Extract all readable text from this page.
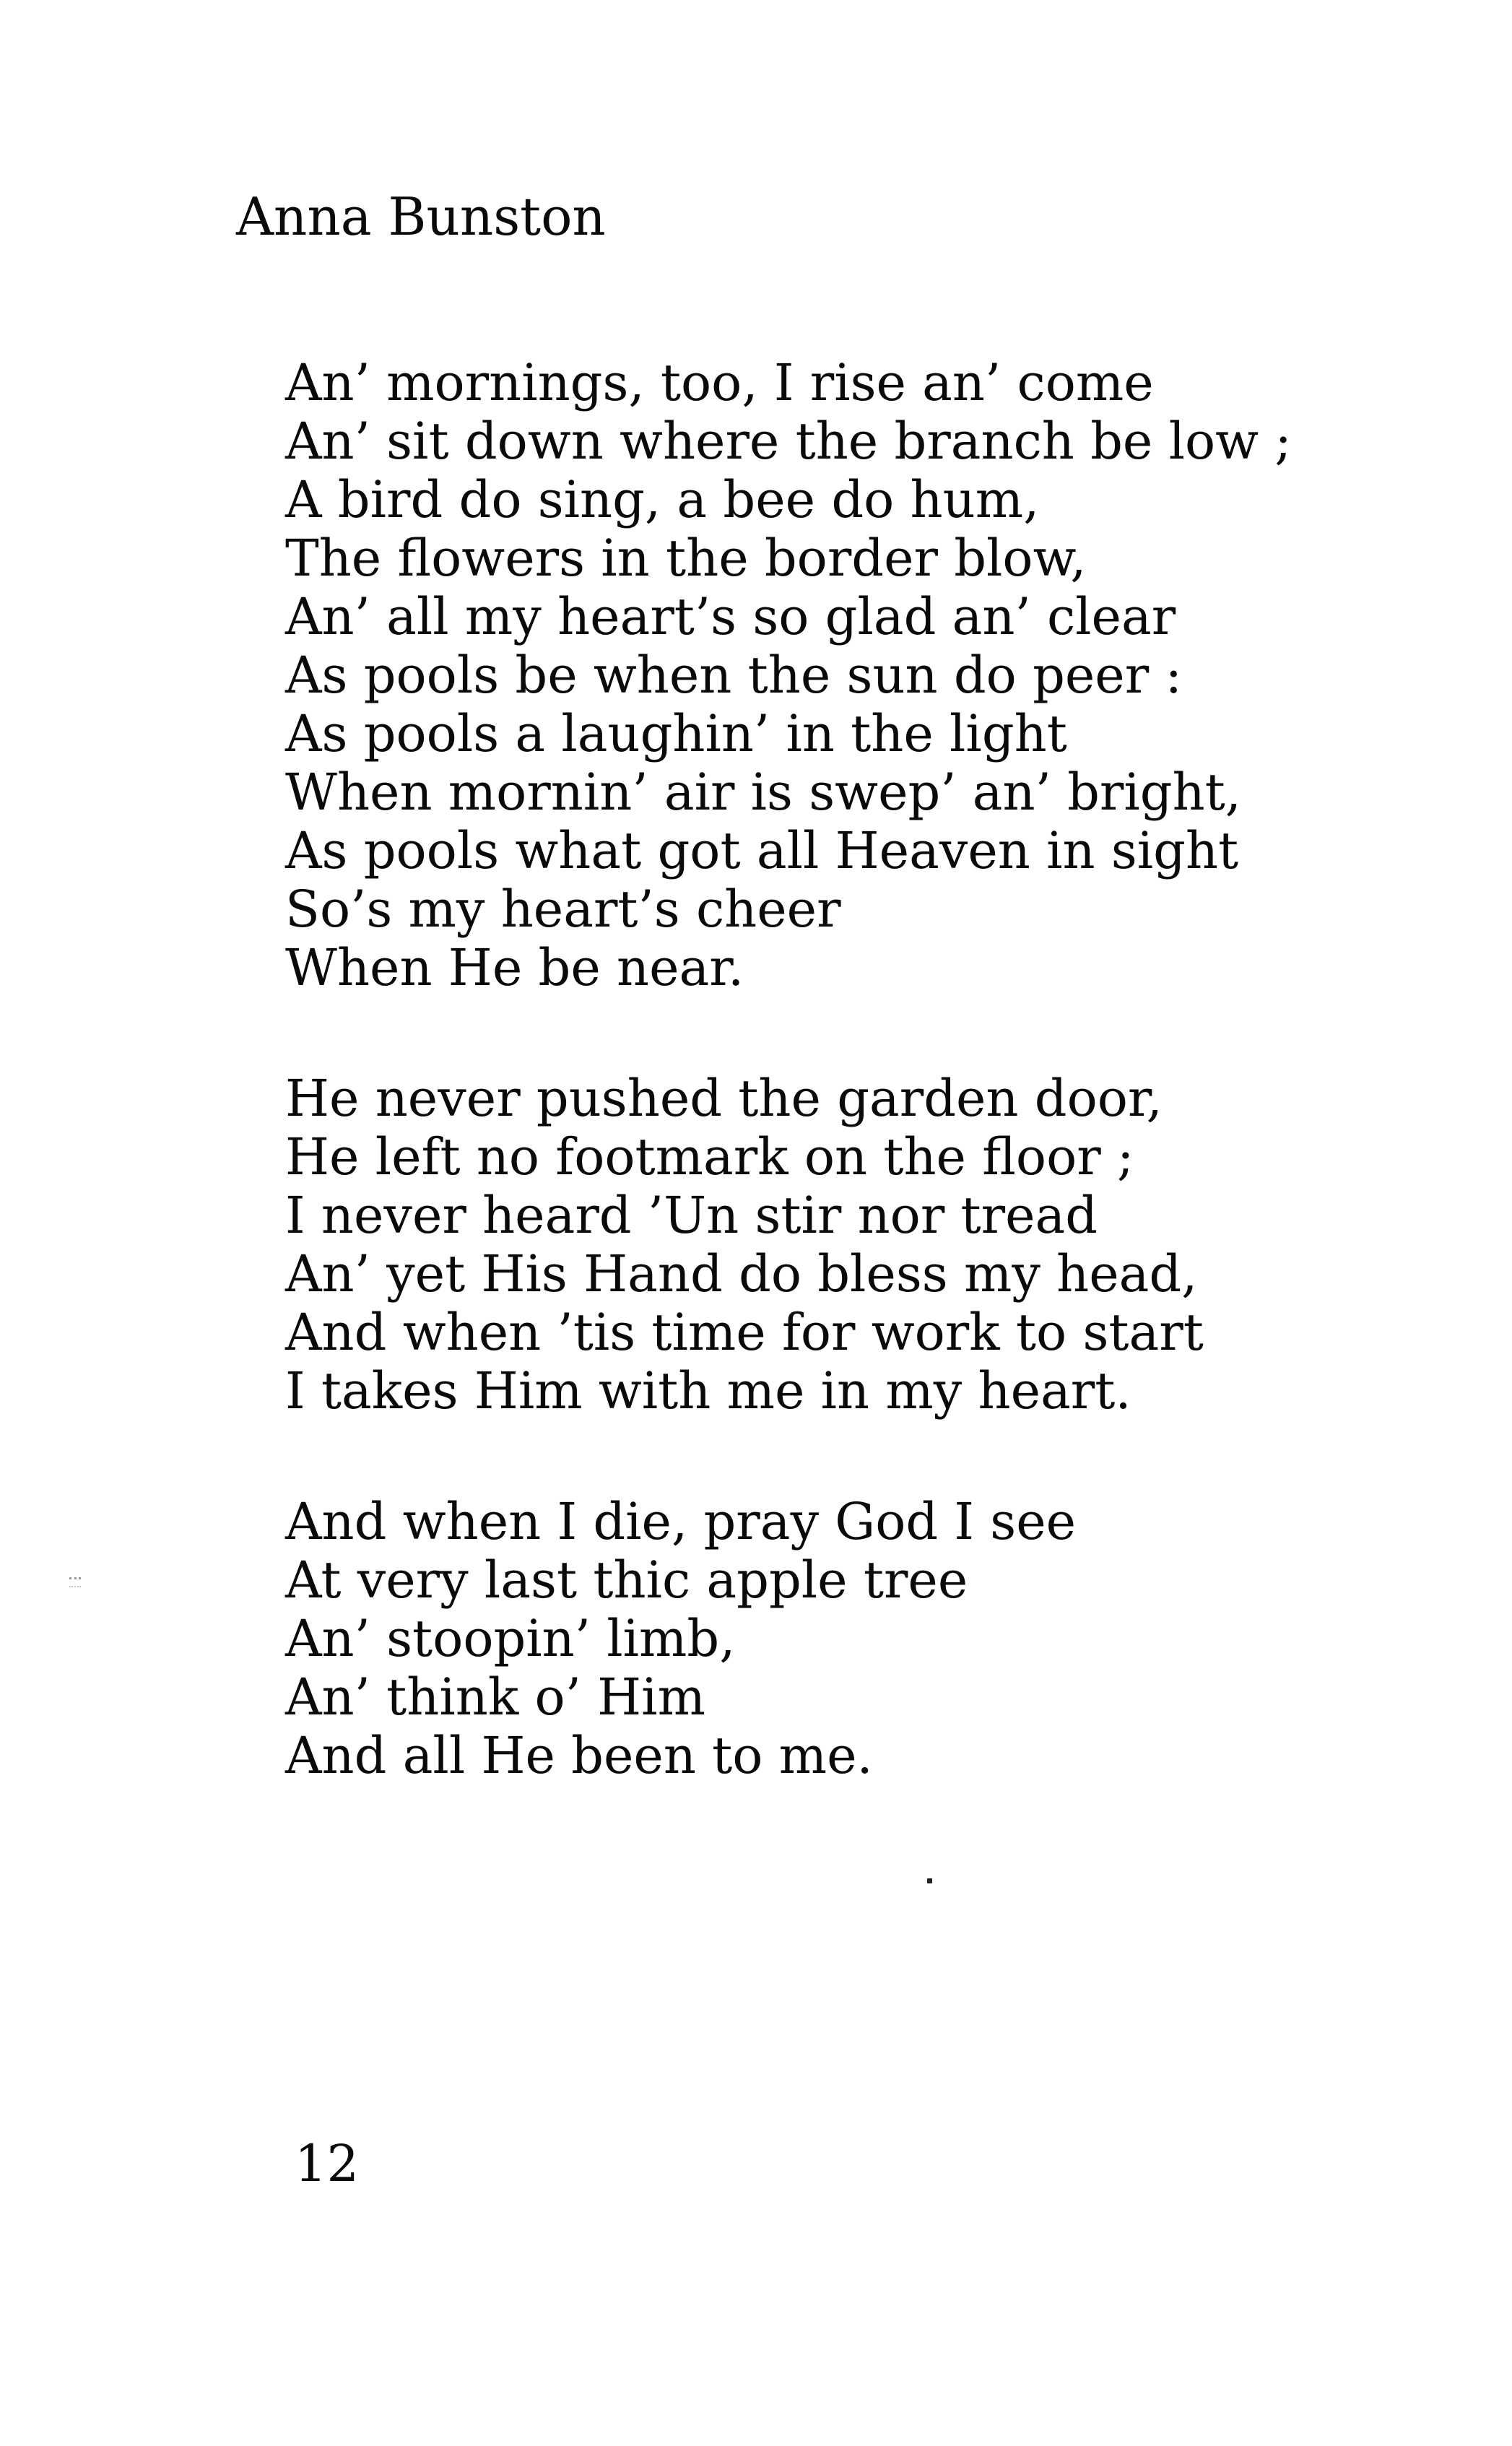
Anna Bunston
An’ mornings, too, I rise an’ come
An’ sit down where the branch be low ;
A bird do sing, a bee do hum,
The flowers in the border blow,
An’ all my heart’s so glad an’ clear
As pools be when the sun do peer :
As pools a laughin’ in the light
When mornin’ air is swep’ an’ bright,
As pools what got all Heaven in sight
So’s my heart’s cheer
When He be near.
He never pushed the garden door,
He left no footmark on the floor ;
I never heard ’Un stir nor tread
An’ yet His Hand do bless my head,
And when ’tis time for work to start
I takes Him with me in my heart.
And when I die, pray God I see
At very last thic apple tree
An’ stoopin’ limb,
An’ think o’ Him
And all He been to me.
12
